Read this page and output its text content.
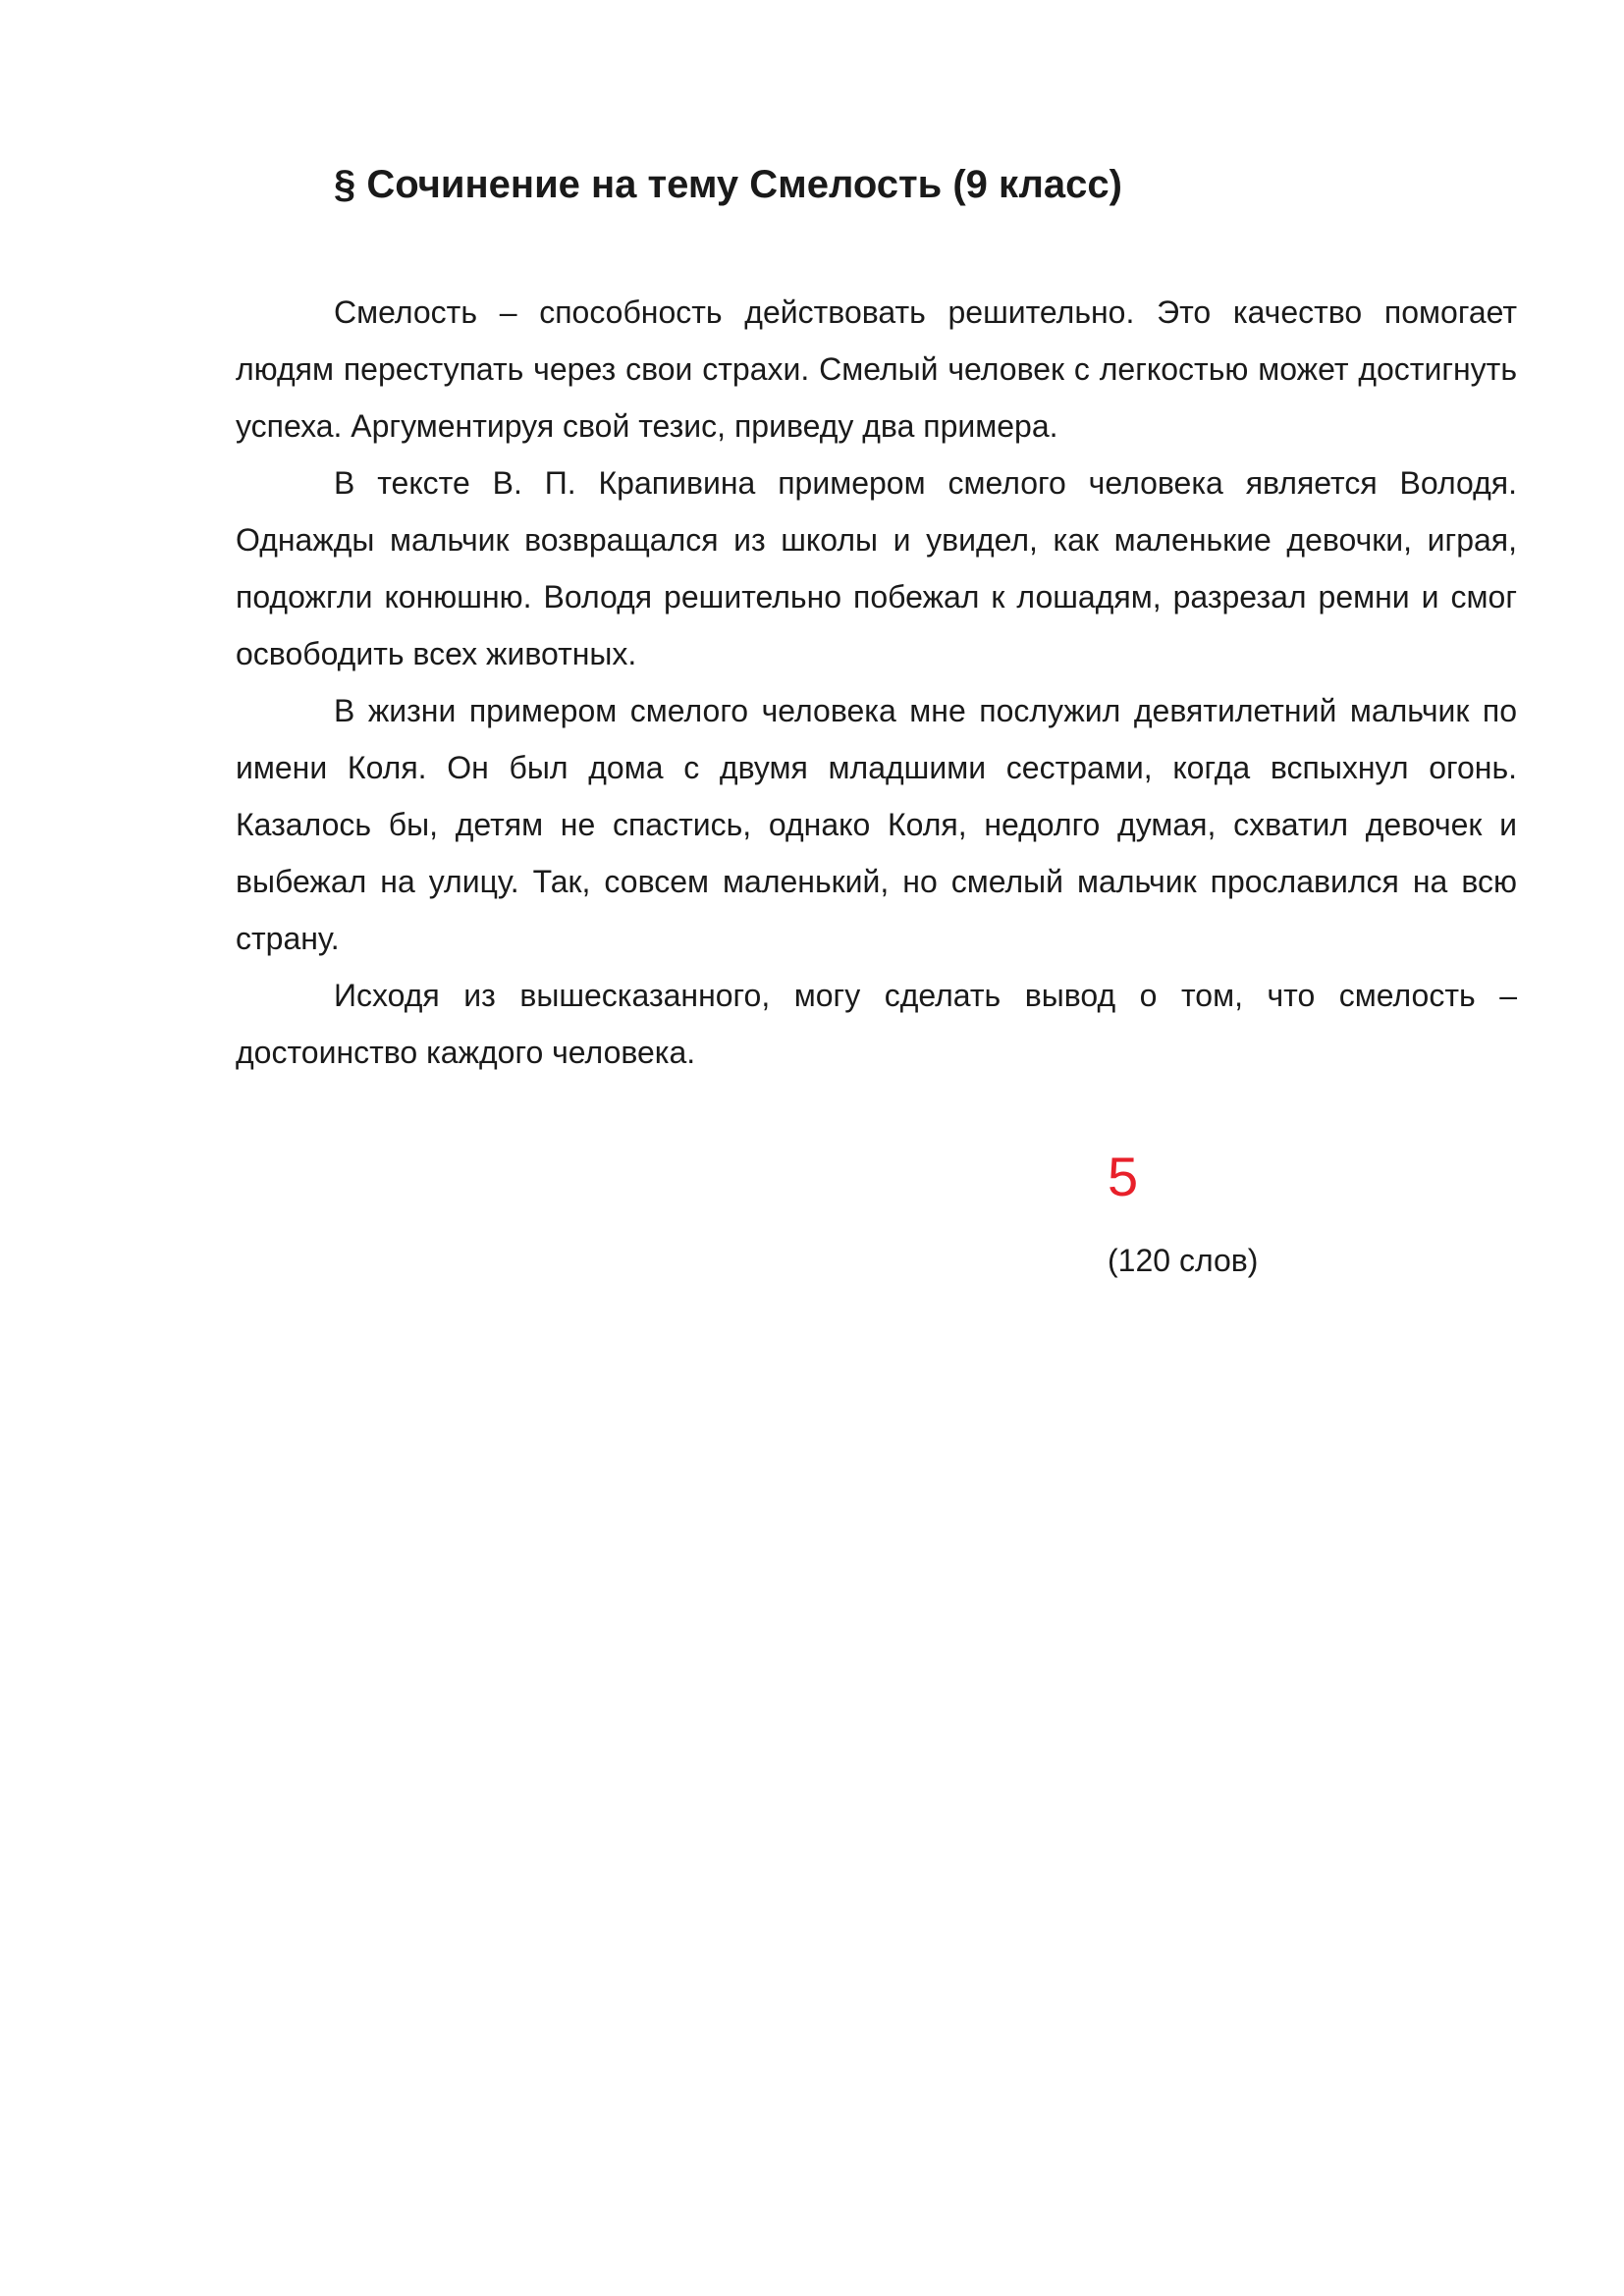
§ Сочинение на тему Смелость (9 класс)

Смелость – способность действовать решительно. Это качество помогает людям переступать через свои страхи. Смелый человек с легкостью может достигнуть успеха. Аргументируя свой тезис, приведу два примера.

В тексте В. П. Крапивина примером смелого человека является Володя. Однажды мальчик возвращался из школы и увидел, как маленькие девочки, играя, подожгли конюшню. Володя решительно побежал к лошадям, разрезал ремни и смог освободить всех животных.

В жизни примером смелого человека мне послужил девятилетний мальчик по имени Коля. Он был дома с двумя младшими сестрами, когда вспыхнул огонь. Казалось бы, детям не спастись, однако Коля, недолго думая, схватил девочек и выбежал на улицу. Так, совсем маленький, но смелый мальчик прославился на всю страну.

Исходя из вышесказанного, могу сделать вывод о том, что смелость – достоинство каждого человека.

5
(120 слов)
